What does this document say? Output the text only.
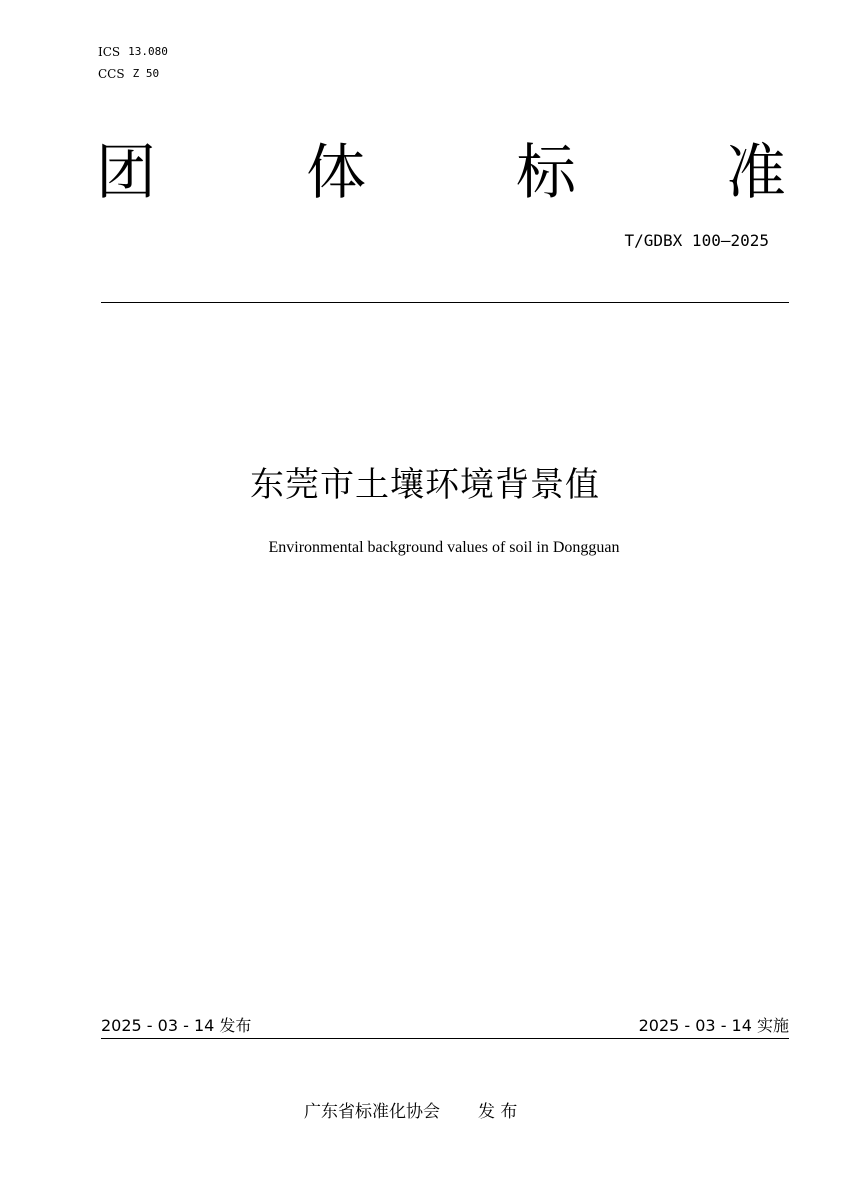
ICS 13.080
CCS Z 50
团	体	标	准
T/GDBX 100—2025
东莞市土壤环境背景值
Environmental background values of soil in Dongguan
2025 - 03 - 14 发布	2025 - 03 - 14 实施
广东省标准化协会 发 布
